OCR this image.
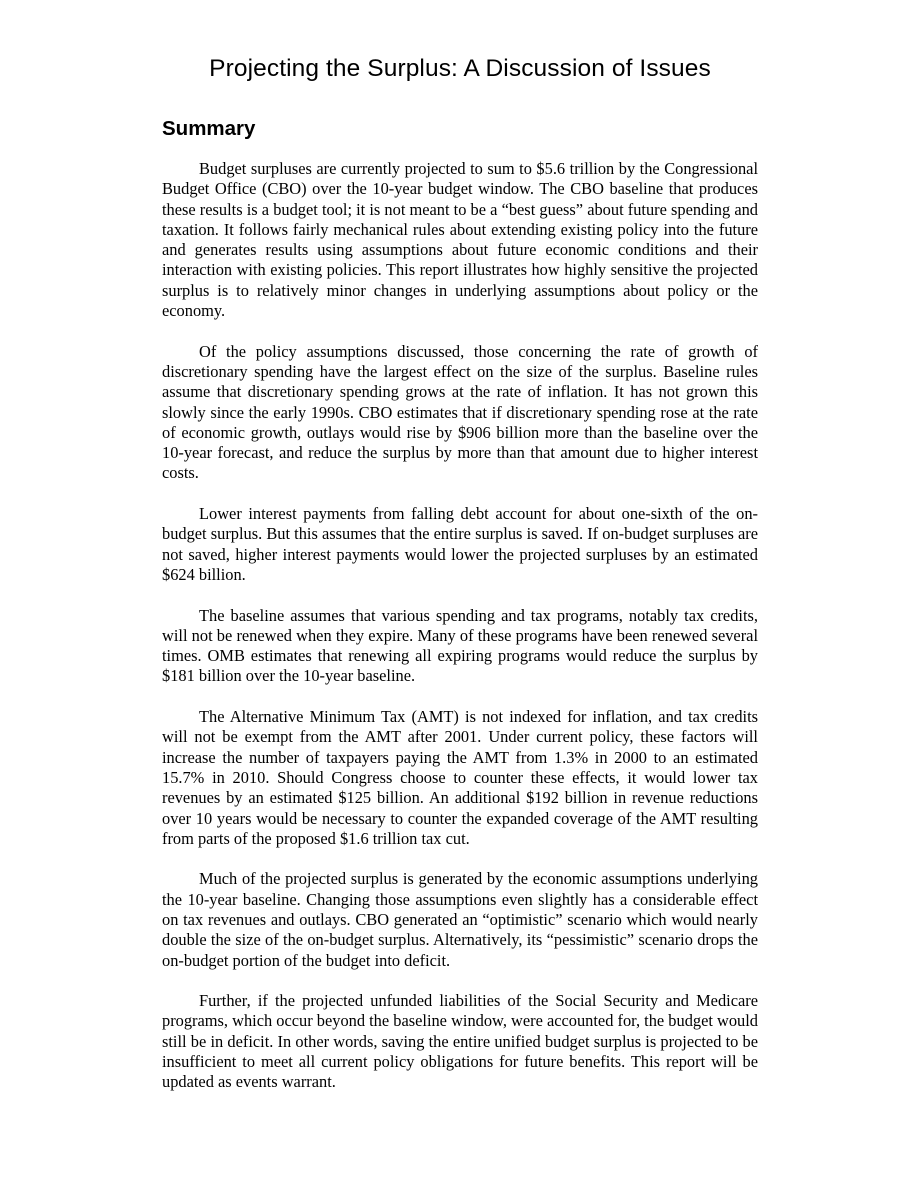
Projecting the Surplus: A Discussion of Issues
Summary

Budget surpluses are currently projected to sum to $5.6 trillion by the Congressional Budget Office (CBO) over the 10-year budget window. The CBO baseline that produces these results is a budget tool; it is not meant to be a “best guess” about future spending and taxation. It follows fairly mechanical rules about extending existing policy into the future and generates results using assumptions about future economic conditions and their interaction with existing policies. This report illustrates how highly sensitive the projected surplus is to relatively minor changes in underlying assumptions about policy or the economy.

Of the policy assumptions discussed, those concerning the rate of growth of discretionary spending have the largest effect on the size of the surplus. Baseline rules assume that discretionary spending grows at the rate of inflation. It has not grown this slowly since the early 1990s. CBO estimates that if discretionary spending rose at the rate of economic growth, outlays would rise by $906 billion more than the baseline over the 10-year forecast, and reduce the surplus by more than that amount due to higher interest costs.

Lower interest payments from falling debt account for about one-sixth of the on-budget surplus. But this assumes that the entire surplus is saved. If on-budget surpluses are not saved, higher interest payments would lower the projected surpluses by an estimated $624 billion.

The baseline assumes that various spending and tax programs, notably tax credits, will not be renewed when they expire. Many of these programs have been renewed several times. OMB estimates that renewing all expiring programs would reduce the surplus by $181 billion over the 10-year baseline.

The Alternative Minimum Tax (AMT) is not indexed for inflation, and tax credits will not be exempt from the AMT after 2001. Under current policy, these factors will increase the number of taxpayers paying the AMT from 1.3% in 2000 to an estimated 15.7% in 2010. Should Congress choose to counter these effects, it would lower tax revenues by an estimated $125 billion. An additional $192 billion in revenue reductions over 10 years would be necessary to counter the expanded coverage of the AMT resulting from parts of the proposed $1.6 trillion tax cut.

Much of the projected surplus is generated by the economic assumptions underlying the 10-year baseline. Changing those assumptions even slightly has a considerable effect on tax revenues and outlays. CBO generated an “optimistic” scenario which would nearly double the size of the on-budget surplus. Alternatively, its “pessimistic” scenario drops the on-budget portion of the budget into deficit.

Further, if the projected unfunded liabilities of the Social Security and Medicare programs, which occur beyond the baseline window, were accounted for, the budget would still be in deficit. In other words, saving the entire unified budget surplus is projected to be insufficient to meet all current policy obligations for future benefits. This report will be updated as events warrant.
